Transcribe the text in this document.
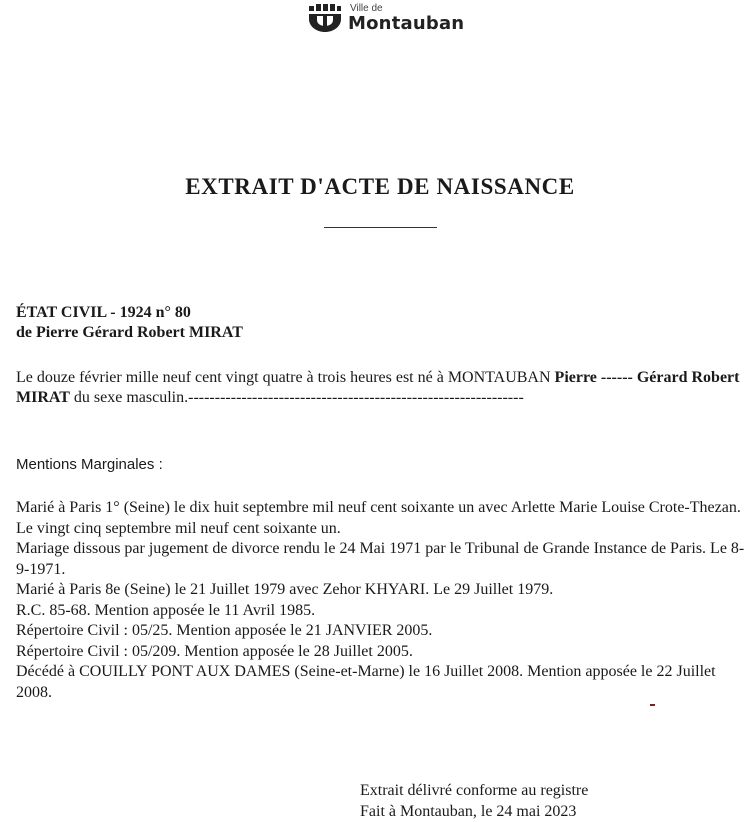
Ville de
Montauban
EXTRAIT D'ACTE DE NAISSANCE
ÉTAT CIVIL - 1924 n° 80
de Pierre Gérard Robert MIRAT
Le douze février mille neuf cent vingt quatre à trois heures est né à MONTAUBAN Pierre ------ Gérard Robert MIRAT du sexe masculin.---------------------------------------------------------------
Mentions Marginales :

Marié à Paris 1° (Seine) le dix huit septembre mil neuf cent soixante un avec Arlette Marie Louise Crote-Thezan. Le vingt cinq septembre mil neuf cent soixante un.

Mariage dissous par jugement de divorce rendu le 24 Mai 1971 par le Tribunal de Grande Instance de Paris. Le 8-9-1971.

Marié à Paris 8e (Seine) le 21 Juillet 1979 avec Zehor KHYARI. Le 29 Juillet 1979.

R.C. 85-68. Mention apposée le 11 Avril 1985.

Répertoire Civil : 05/25. Mention apposée le 21 JANVIER 2005.

Répertoire Civil : 05/209. Mention apposée le 28 Juillet 2005.

Décédé à COUILLY PONT AUX DAMES (Seine-et-Marne) le 16 Juillet 2008. Mention apposée le 22 Juillet 2008.

Extrait délivré conforme au registre

Fait à Montauban, le 24 mai 2023
